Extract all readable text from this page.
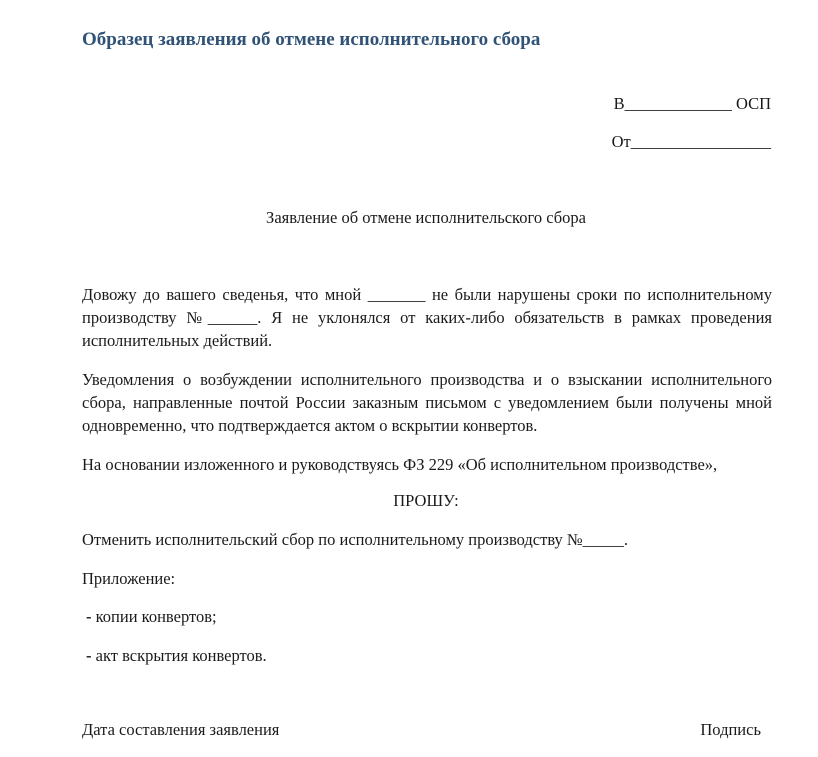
Образец заявления об отмене исполнительного сбора
В_____________ ОСП
От_________________
Заявление об отмене исполнительского сбора
Довожу до вашего сведенья, что мной _______ не были нарушены сроки по исполнительному производству №______. Я не уклонялся от каких-либо обязательств в рамках проведения исполнительных действий.
Уведомления о возбуждении исполнительного производства и о взыскании исполнительного сбора, направленные почтой России заказным письмом с уведомлением были получены мной одновременно, что подтверждается актом о вскрытии конвертов.
На основании изложенного и руководствуясь ФЗ 229 «Об исполнительном производстве»,
ПРОШУ:
Отменить исполнительский сбор по исполнительному производству №_____.
Приложение:
- копии конвертов;
- акт вскрытия конвертов.
Дата составления заявления	Подпись
